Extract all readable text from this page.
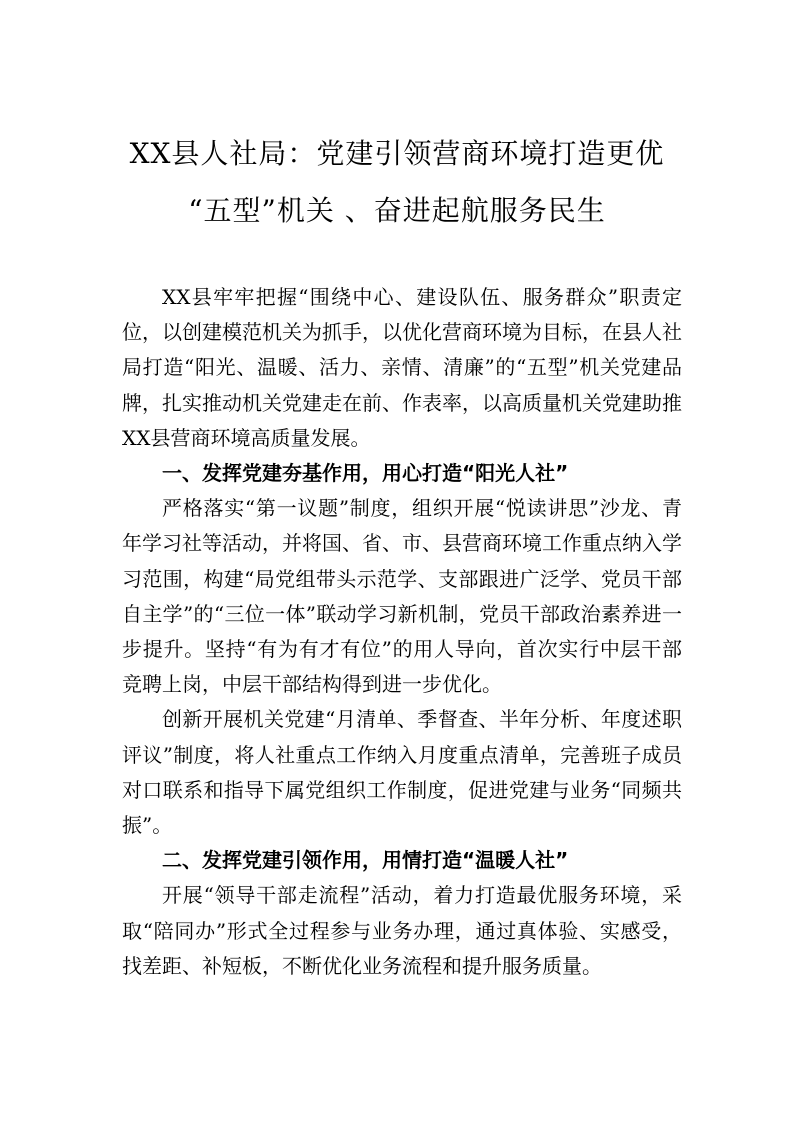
XX县人社局：党建引领营商环境打造更优
“五型”机关 、奋进起航服务民生

XX县牢牢把握“围绕中心、建设队伍、服务群众”职责定位，以创建模范机关为抓手，以优化营商环境为目标，在县人社局打造“阳光、温暖、活力、亲情、清廉”的“五型”机关党建品牌，扎实推动机关党建走在前、作表率，以高质量机关党建助推XX县营商环境高质量发展。

一、发挥党建夯基作用，用心打造“阳光人社”

严格落实“第一议题”制度，组织开展“悦读讲思”沙龙、青年学习社等活动，并将国、省、市、县营商环境工作重点纳入学习范围，构建“局党组带头示范学、支部跟进广泛学、党员干部自主学”的“三位一体”联动学习新机制，党员干部政治素养进一步提升。坚持“有为有才有位”的用人导向，首次实行中层干部竞聘上岗，中层干部结构得到进一步优化。

创新开展机关党建“月清单、季督查、半年分析、年度述职评议”制度，将人社重点工作纳入月度重点清单，完善班子成员对口联系和指导下属党组织工作制度，促进党建与业务“同频共振”。

二、发挥党建引领作用，用情打造“温暖人社”

开展“领导干部走流程”活动，着力打造最优服务环境，采取“陪同办”形式全过程参与业务办理，通过真体验、实感受，找差距、补短板，不断优化业务流程和提升服务质量。
